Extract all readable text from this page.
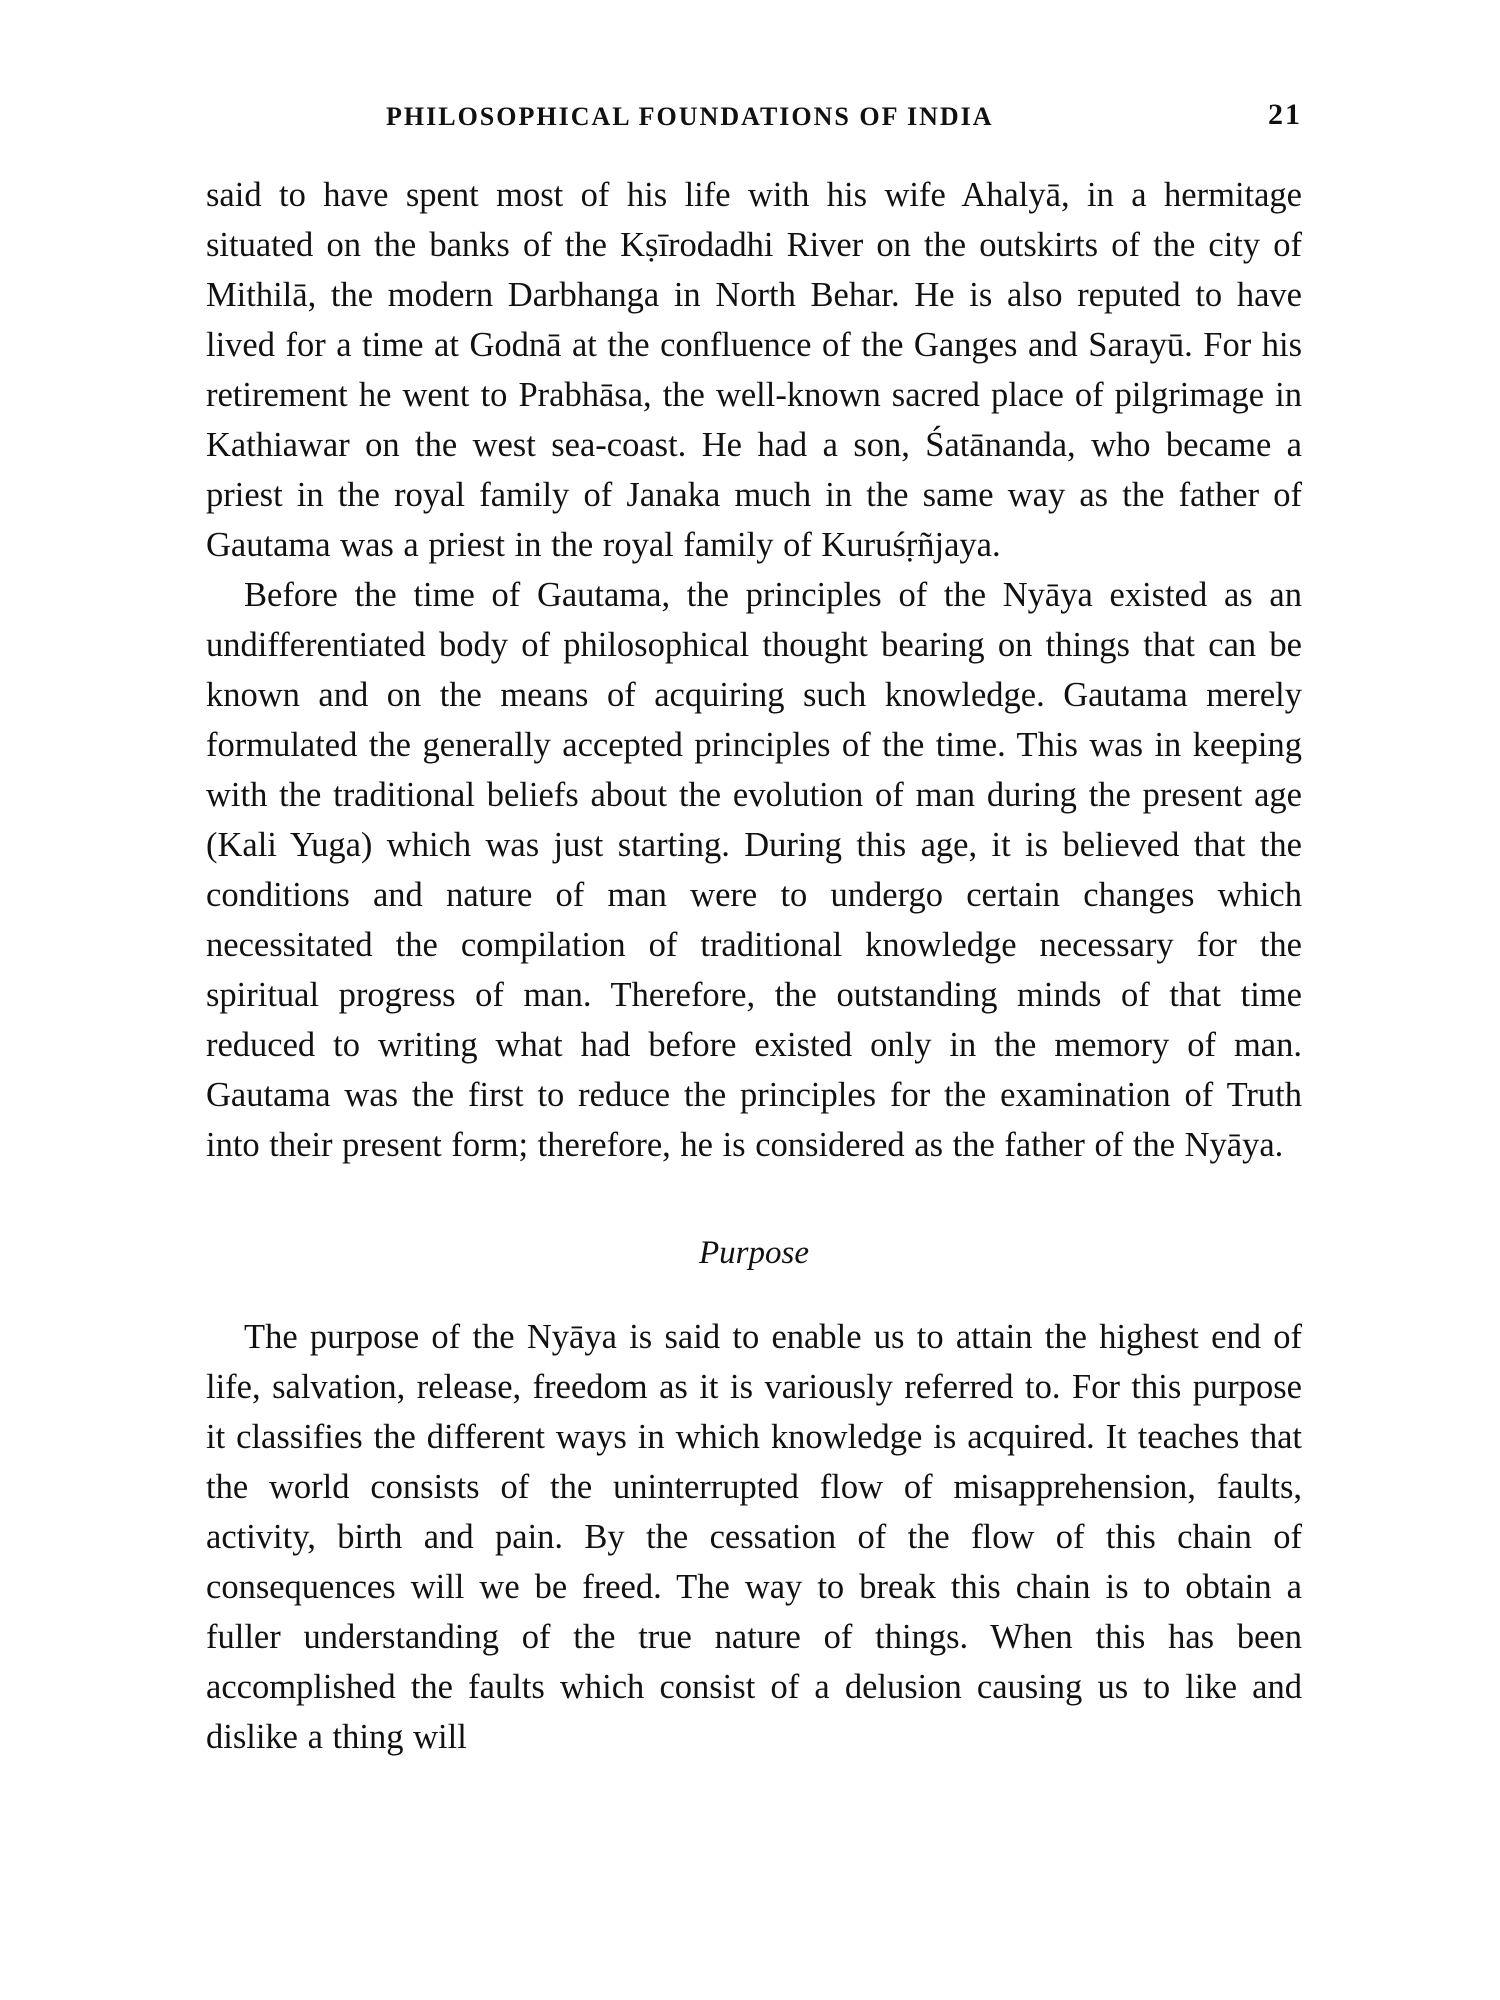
PHILOSOPHICAL FOUNDATIONS OF INDIA	21

said to have spent most of his life with his wife Ahalyā, in a hermitage situated on the banks of the Kṣīrodadhi River on the outskirts of the city of Mithilā, the modern Darbhanga in North Behar. He is also reputed to have lived for a time at Godnā at the confluence of the Ganges and Sarayū. For his retirement he went to Prabhāsa, the well-known sacred place of pilgrimage in Kathiawar on the west sea-coast. He had a son, Śatānanda, who became a priest in the royal family of Janaka much in the same way as the father of Gautama was a priest in the royal family of Kuruśṛñjaya.

Before the time of Gautama, the principles of the Nyāya existed as an undifferentiated body of philosophical thought bearing on things that can be known and on the means of acquiring such knowledge. Gautama merely formulated the generally accepted principles of the time. This was in keeping with the traditional beliefs about the evolution of man during the present age (Kali Yuga) which was just starting. During this age, it is believed that the conditions and nature of man were to undergo certain changes which necessitated the compilation of traditional knowledge necessary for the spiritual progress of man. Therefore, the outstanding minds of that time reduced to writing what had before existed only in the memory of man. Gautama was the first to reduce the principles for the examination of Truth into their present form; therefore, he is considered as the father of the Nyāya.

Purpose

The purpose of the Nyāya is said to enable us to attain the highest end of life, salvation, release, freedom as it is variously referred to. For this purpose it classifies the different ways in which knowledge is acquired. It teaches that the world consists of the uninterrupted flow of misapprehension, faults, activity, birth and pain. By the cessation of the flow of this chain of consequences will we be freed. The way to break this chain is to obtain a fuller understanding of the true nature of things. When this has been accomplished the faults which consist of a delusion causing us to like and dislike a thing will
